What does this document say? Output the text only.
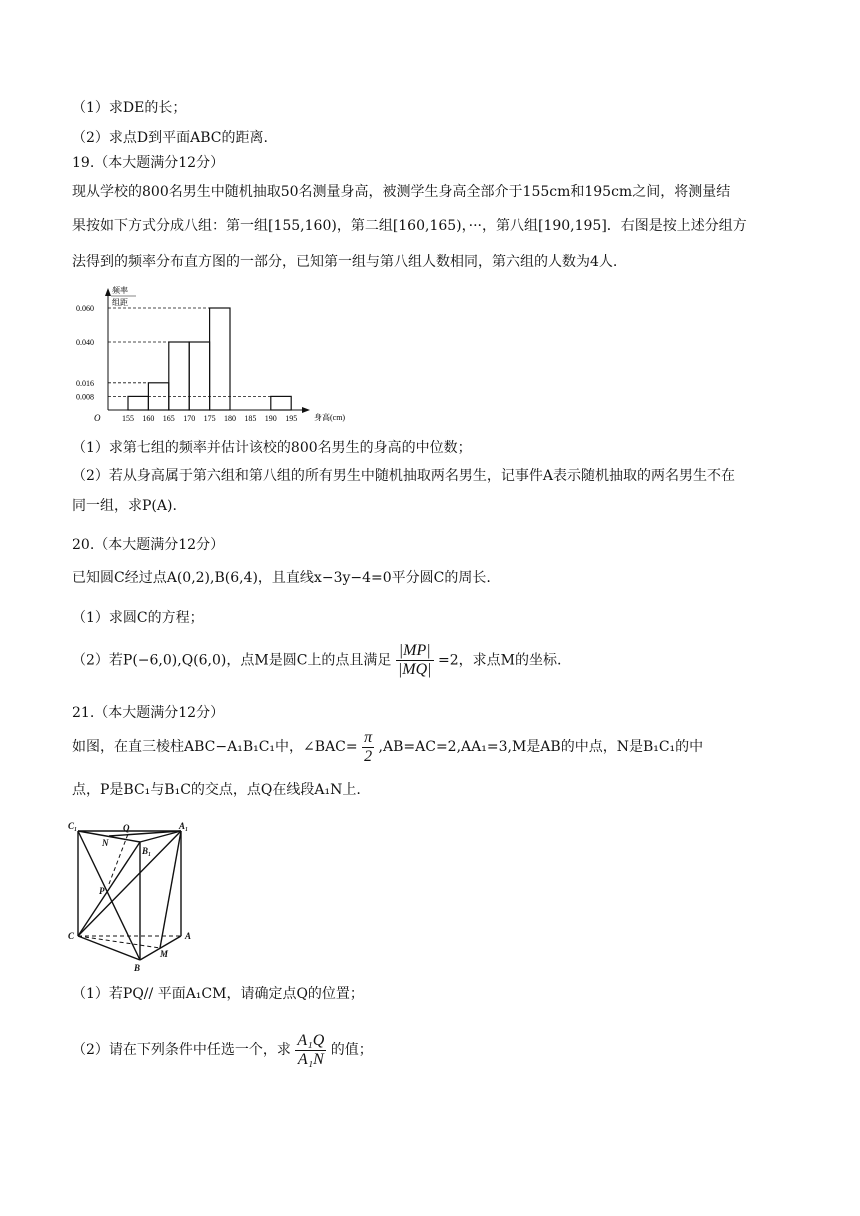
（1）求DE的长；
（2）求点D到平面ABC的距离.
19.（本大题满分12分）
现从学校的800名男生中随机抽取50名测量身高，被测学生身高全部介于155cm和195cm之间，将测量结
果按如下方式分成八组：第一组[155,160)，第二组[160,165)，···，第八组[190,195]．右图是按上述分组方
法得到的频率分布直方图的一部分，已知第一组与第八组人数相同，第六组的人数为4人.
频率
组距
0.060
0.040
0.016
0.008
155 160 165 170 175 180 185 190 195
O	身高(cm)
（1）求第七组的频率并估计该校的800名男生的身高的中位数；
（2）若从身高属于第六组和第八组的所有男生中随机抽取两名男生，记事件A表示随机抽取的两名男生不在
同一组，求P(A).
20.（本大题满分12分）
已知圆C经过点A(0,2),B(6,4)，且直线x−3y−4=0平分圆C的周长.
（1）求圆C的方程；
（2）若P(−6,0),Q(6,0)，点M是圆C上的点且满足 $\frac{|MP|}{|MQ|} =2$，求点M的坐标.
21.（本大题满分12分）
如图，在直三棱柱ABC−A₁B₁C₁中，∠BAC= $\frac{\pi}{2} ,AB=AC=2,AA_1=3,M$是AB的中点，N是B₁C₁的中
点，P是BC₁与B₁C的交点，点Q在线段A₁N上.
C₁	A₁
Q
N
B₁
P
C	A
M
B
（1）若PQ// 平面A₁CM，请确定点Q的位置；
（2）请在下列条件中任选一个，求 $\frac{\text{A₁Q}}{\text{A₁N}}$ 的值；
